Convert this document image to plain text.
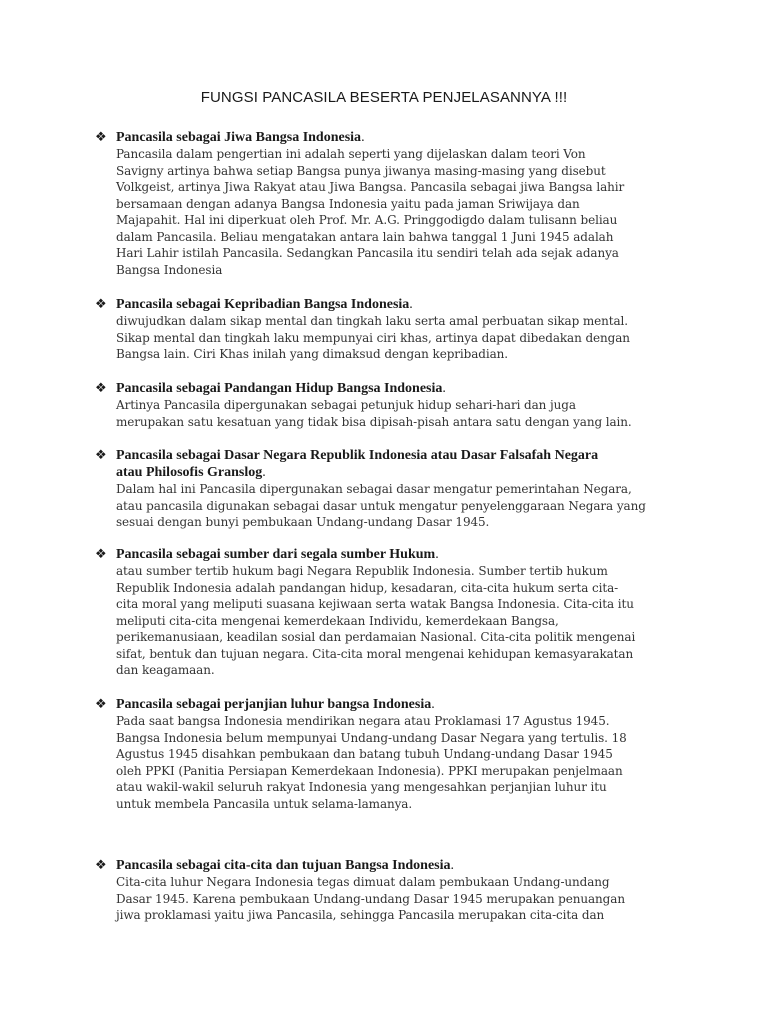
FUNGSI PANCASILA BESERTA PENJELASANNYA !!!
❖ Pancasila sebagai Jiwa Bangsa Indonesia.
Pancasila dalam pengertian ini adalah seperti yang dijelaskan dalam teori Von
Savigny artinya bahwa setiap Bangsa punya jiwanya masing-masing yang disebut
Volkgeist, artinya Jiwa Rakyat atau Jiwa Bangsa. Pancasila sebagai jiwa Bangsa lahir
bersamaan dengan adanya Bangsa Indonesia yaitu pada jaman Sriwijaya dan
Majapahit. Hal ini diperkuat oleh Prof. Mr. A.G. Pringgodigdo dalam tulisann beliau
dalam Pancasila. Beliau mengatakan antara lain bahwa tanggal 1 Juni 1945 adalah
Hari Lahir istilah Pancasila. Sedangkan Pancasila itu sendiri telah ada sejak adanya
Bangsa Indonesia
❖ Pancasila sebagai Kepribadian Bangsa Indonesia.
diwujudkan dalam sikap mental dan tingkah laku serta amal perbuatan sikap mental.
Sikap mental dan tingkah laku mempunyai ciri khas, artinya dapat dibedakan dengan
Bangsa lain. Ciri Khas inilah yang dimaksud dengan kepribadian.
❖ Pancasila sebagai Pandangan Hidup Bangsa Indonesia.
Artinya Pancasila dipergunakan sebagai petunjuk hidup sehari-hari dan juga
merupakan satu kesatuan yang tidak bisa dipisah-pisah antara satu dengan yang lain.
❖ Pancasila sebagai Dasar Negara Republik Indonesia atau Dasar Falsafah Negara
atau Philosofis Granslog.
Dalam hal ini Pancasila dipergunakan sebagai dasar mengatur pemerintahan Negara,
atau pancasila digunakan sebagai dasar untuk mengatur penyelenggaraan Negara yang
sesuai dengan bunyi pembukaan Undang-undang Dasar 1945.
❖ Pancasila sebagai sumber dari segala sumber Hukum.
atau sumber tertib hukum bagi Negara Republik Indonesia. Sumber tertib hukum
Republik Indonesia adalah pandangan hidup, kesadaran, cita-cita hukum serta cita-
cita moral yang meliputi suasana kejiwaan serta watak Bangsa Indonesia. Cita-cita itu
meliputi cita-cita mengenai kemerdekaan Individu, kemerdekaan Bangsa,
perikemanusiaan, keadilan sosial dan perdamaian Nasional. Cita-cita politik mengenai
sifat, bentuk dan tujuan negara. Cita-cita moral mengenai kehidupan kemasyarakatan
dan keagamaan.
❖ Pancasila sebagai perjanjian luhur bangsa Indonesia.
Pada saat bangsa Indonesia mendirikan negara atau Proklamasi 17 Agustus 1945.
Bangsa Indonesia belum mempunyai Undang-undang Dasar Negara yang tertulis. 18
Agustus 1945 disahkan pembukaan dan batang tubuh Undang-undang Dasar 1945
oleh PPKI (Panitia Persiapan Kemerdekaan Indonesia). PPKI merupakan penjelmaan
atau wakil-wakil seluruh rakyat Indonesia yang mengesahkan perjanjian luhur itu
untuk membela Pancasila untuk selama-lamanya.
❖ Pancasila sebagai cita-cita dan tujuan Bangsa Indonesia.
Cita-cita luhur Negara Indonesia tegas dimuat dalam pembukaan Undang-undang
Dasar 1945. Karena pembukaan Undang-undang Dasar 1945 merupakan penuangan
jiwa proklamasi yaitu jiwa Pancasila, sehingga Pancasila merupakan cita-cita dan
